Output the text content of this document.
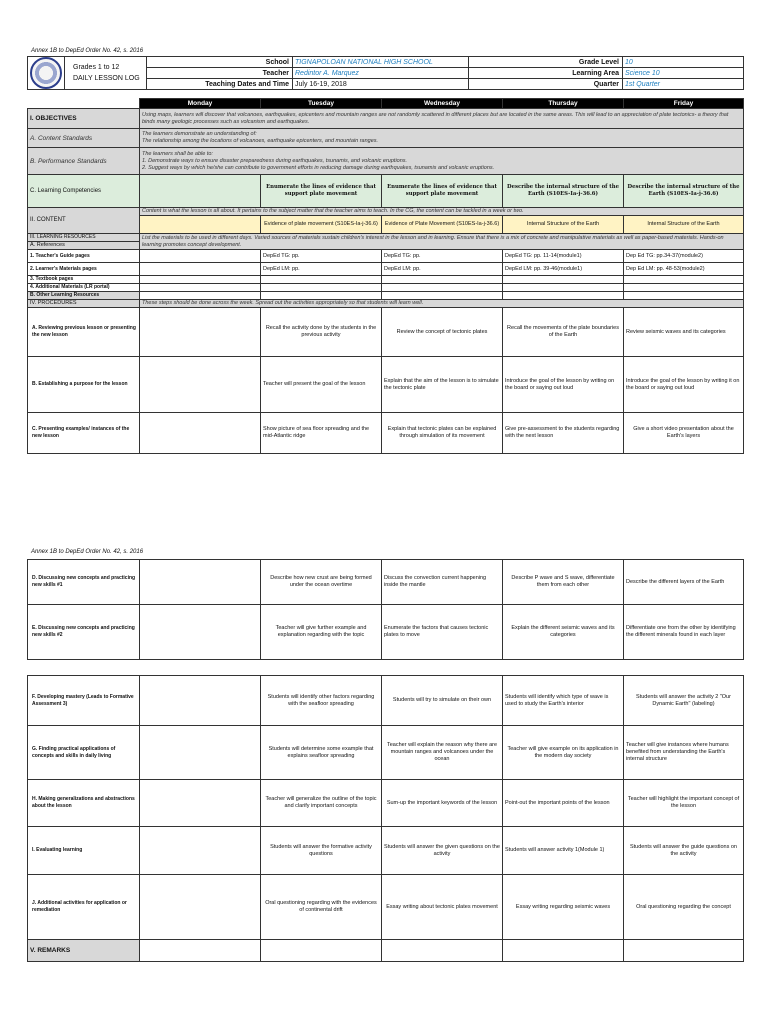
Annex 1B to DepEd Order No. 42, s. 2016

	Grades 1 to 12
DAILY LESSON LOG	School	TIGNAPOLOAN NATIONAL HIGH SCHOOL	Grade Level	10
		Teacher	Redintor A. Marquez	Learning Area	Science 10
		Teaching Dates and Time	July 16-19, 2018	Quarter	1st Quarter
	Monday	Tuesday	Wednesday	Thursday	Friday
I. OBJECTIVES	Using maps, learners will discover that volcanoes, earthquakes, epicenters and mountain ranges are not randomly scattered in different places but are located in the same areas. This will lead to an appreciation of plate tectonics- a theory that binds many geologic processes such as volcanism and earthquakes.				
A. Content Standards	The learners demonstrate an understanding of:
The relationship among the locations of volcanoes, earthquake epicenters, and mountain ranges.				
B. Performance Standards	The learners shall be able to:
1. Demonstrate ways to ensure disaster preparedness during earthquakes, tsunamis, and volcanic eruptions.
2. Suggest ways by which he/she can contribute to government efforts in reducing damage during earthquakes, tsunamis and volcanic eruptions.				
C. Learning Competencies		Enumerate the lines of evidence that support plate movement	Enumerate the lines of evidence that support plate movement	Describe the internal structure of the Earth (S10ES-Ia-j-36.6)	Describe the internal structure of the Earth (S10ES-Ia-j-36.6)
II. CONTENT	Content is what the lesson is all about. It pertains to the subject matter that the teacher aims to teach. In the CG, the content can be tackled in a week or two.				
		Evidence of plate movement (S10ES-Ia-j-36.6)	Evidence of Plate Movement (S10ES-Ia-j-36.6)	Internal Structure of the Earth	Internal Structure of the Earth
III. LEARNING RESOURCES	List the materials to be used in different days. Varied sources of materials sustain children's interest in the lesson and in learning. Ensure that there is a mix of concrete and manipulative materials as well as paper-based materials. Hands-on learning promotes concept development.				
A. References					
1. Teacher's Guide pages		DepEd TG: pp.	DepEd TG: pp.	DepEd TG: pp. 11-14(module1)	Dep Ed TG: pp.34-37(module2)
2. Learner's Materials pages		DepEd LM: pp.	DepEd LM: pp.	DepEd LM: pp. 39-46(module1)	Dep Ed LM: pp. 48-53(module2)
3. Textbook pages					
4. Additional Materials (LR portal)					
B. Other Learning Resources					
IV. PROCEDURES	These steps should be done across the week. Spread out the activities appropriately so that students will learn well.				
A. Reviewing previous lesson or presenting the new lesson		Recall the activity done by the students in the previous activity	Review the concept of tectonic plates	Recall the movements of the plate boundaries of the Earth	Review seismic waves and its categories
B. Establishing a purpose for the lesson		Teacher will present the goal of the lesson	Explain that the aim of the lesson is to simulate the tectonic plate	Introduce the goal of the lesson by writing on the board or saying out loud	Introduce the goal of the lesson by writing it on the board or saying out loud
C. Presenting examples/ instances of the new lesson		Show picture of sea floor spreading and the mid-Atlantic ridge	Explain that tectonic plates can be explained through simulation of its movement	Give pre-assessment to the students regarding with the next lesson	Give a short video presentation about the Earth's layers
Annex 1B to DepEd Order No. 42, s. 2016
D. Discussing new concepts and practicing new skills #1		Describe how new crust are being formed under the ocean overtime	Discuss the convection current happening inside the mantle	Describe P wave and S wave, differentiate them from each other	Describe the different layers of the Earth
E. Discussing new concepts and practicing new skills #2		Teacher will give further example and explanation regarding with the topic	Enumerate the factors that causes tectonic plates to move	Explain the different seismic waves and its categories	Differentiate one from the other by identifying the different minerals found in each layer
F. Developing mastery (Leads to Formative Assessment 3)		Students will identify other factors regarding with the seafloor spreading	Students will try to simulate on their own	Students will identify which type of wave is used to study the Earth's interior	Students will answer the activity 2 "Our Dynamic Earth" (labeling)
G. Finding practical applications of concepts and skills in daily living		Students will determine some example that explains seafloor spreading	Teacher will explain the reason why there are mountain ranges and volcanoes under the ocean	Teacher will give example on its application in the modern day society	Teacher will give instances where humans benefited from understanding the Earth's internal structure
H. Making generalizations and abstractions about the lesson		Teacher will generalize the outline of the topic and clarify important concepts	Sum-up the important keywords of the lesson	Point-out the important points of the lesson	Teacher will highlight the important concept of the lesson
I. Evaluating learning		Students will answer the formative activity questions	Students will answer the given questions on the activity	Students will answer activity 1(Module 1)	Students will answer the guide questions on the activity
J. Additional activities for application or remediation		Oral questioning regarding with the evidences of continental drift	Essay writing about tectonic plates movement	Essay writing regarding seismic waves	Oral questioning regarding the concept
V. REMARKS					
